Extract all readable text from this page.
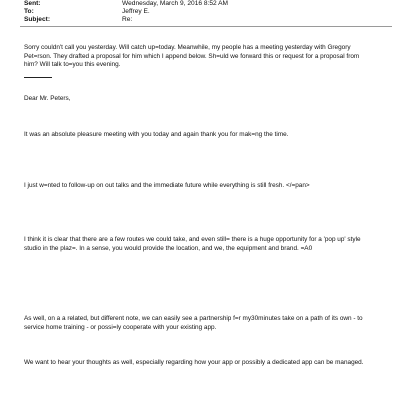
Sent:	Wednesday, March 9, 2016 8:52 AM
To:	Jeffrey E.
Subject:	Re:
Sorry couldn't call you yesterday. Will catch up=today. Meanwhile, my people has a meeting yesterday with Gregory
Pet=rson. They drafted a proposal for him which I append below. Sh=uld we forward this or request for a proposal from
him? Will talk to=you this evening.
Dear Mr. Peters,
It was an absolute pleasure meeting with you today and again thank you for mak=ng the time.
I just w=nted to follow-up on out talks and the immediate future while everything is still fresh. </=pan>
I think it is clear that there are a few routes we could take, and even still= there is a huge opportunity for a 'pop up' style
studio in the plaz=. In a sense, you would provide the location, and we, the equipment and brand. =A0
As well, on a a related, but different note, we can easily see a partnership f=r my30minutes take on a path of its own - to
service home training - or possi=ly cooperate with your existing app.
We want to hear your thoughts as well, especially regarding how your app or possibly a dedicated app can be managed.
